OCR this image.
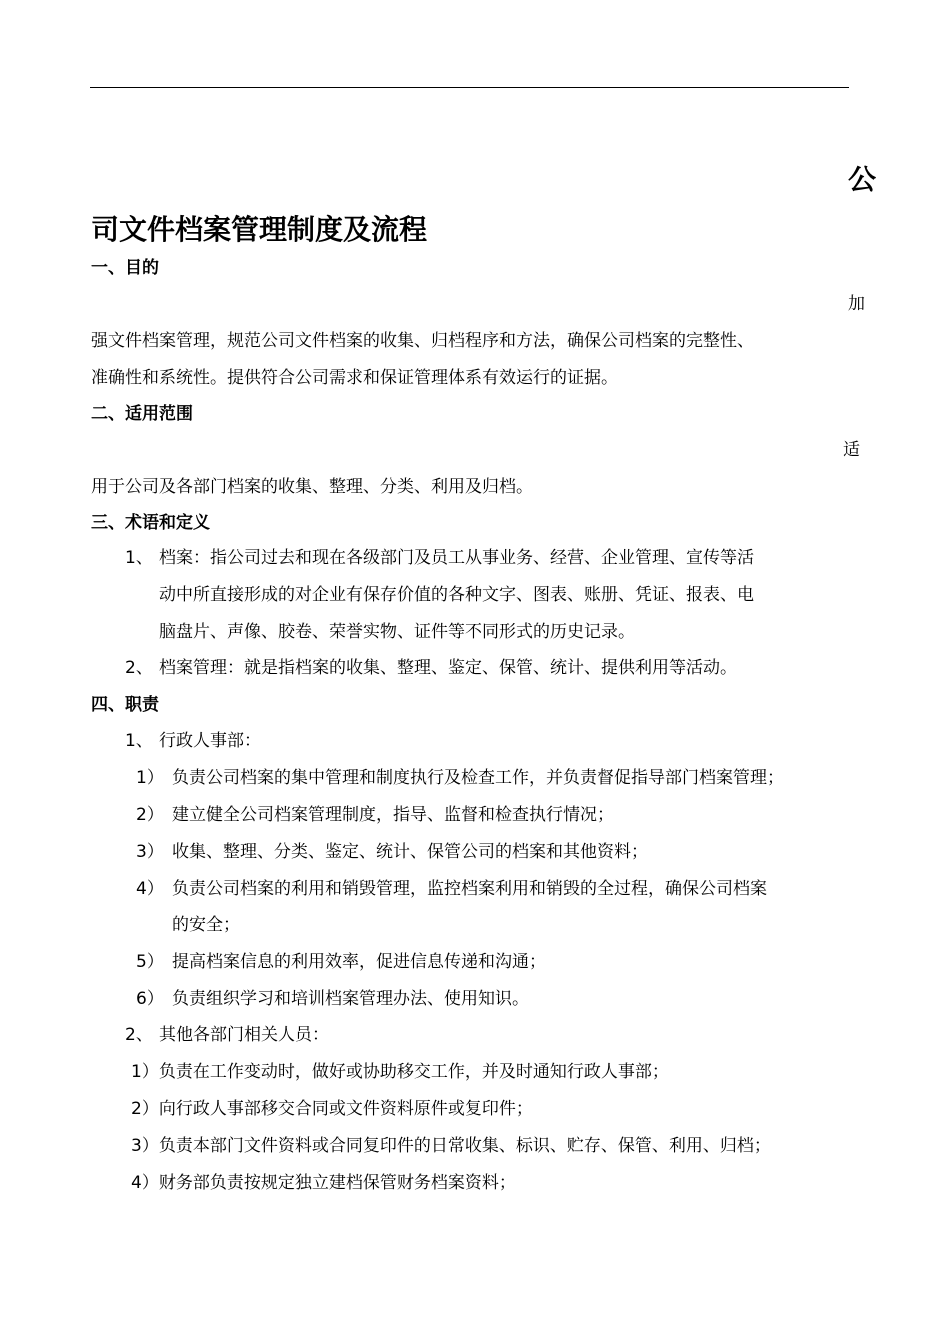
公
司文件档案管理制度及流程
一、目的
加
强文件档案管理，规范公司文件档案的收集、归档程序和方法，确保公司档案的完整性、
准确性和系统性。提供符合公司需求和保证管理体系有效运行的证据。
二、适用范围
适
用于公司及各部门档案的收集、整理、分类、利用及归档。
三、术语和定义
1、 档案：指公司过去和现在各级部门及员工从事业务、经营、企业管理、宣传等活
动中所直接形成的对企业有保存价值的各种文字、图表、账册、凭证、报表、电
脑盘片、声像、胶卷、荣誉实物、证件等不同形式的历史记录。
2、 档案管理：就是指档案的收集、整理、鉴定、保管、统计、提供利用等活动。
四、职责
1、 行政人事部：
1） 负责公司档案的集中管理和制度执行及检查工作，并负责督促指导部门档案管理；
2） 建立健全公司档案管理制度，指导、监督和检查执行情况；
3） 收集、整理、分类、鉴定、统计、保管公司的档案和其他资料；
4） 负责公司档案的利用和销毁管理，监控档案利用和销毁的全过程，确保公司档案
的安全；
5） 提高档案信息的利用效率，促进信息传递和沟通；
6） 负责组织学习和培训档案管理办法、使用知识。
2、 其他各部门相关人员：
1）负责在工作变动时，做好或协助移交工作，并及时通知行政人事部；
2）向行政人事部移交合同或文件资料原件或复印件；
3）负责本部门文件资料或合同复印件的日常收集、标识、贮存、保管、利用、归档；
4）财务部负责按规定独立建档保管财务档案资料；
